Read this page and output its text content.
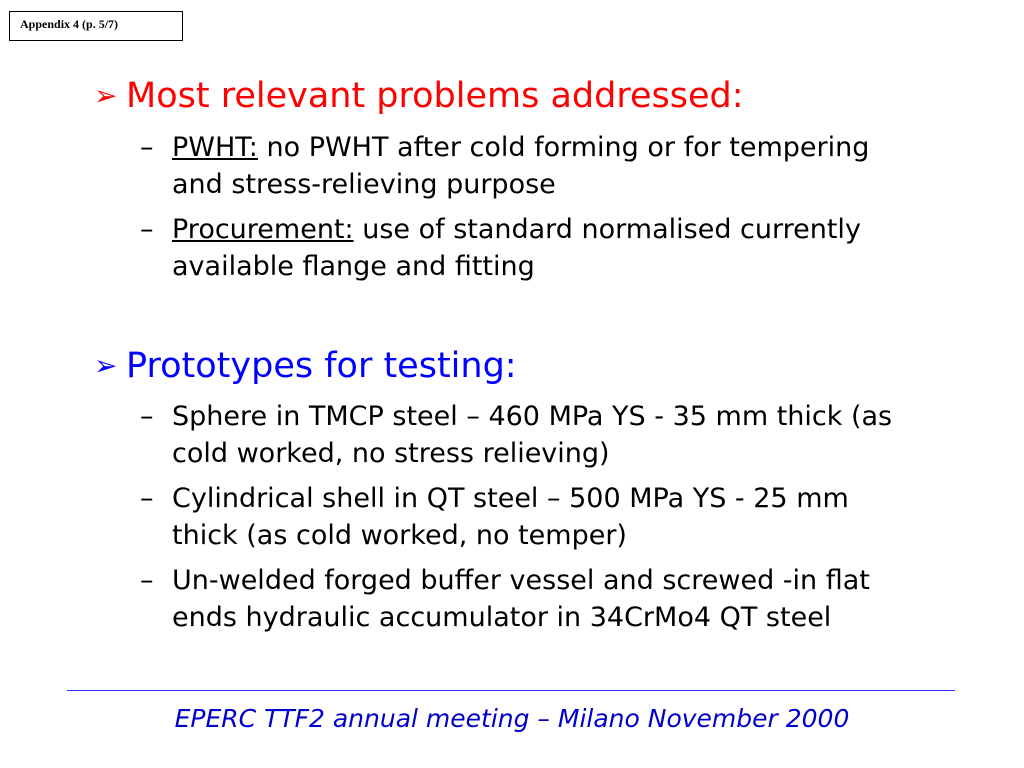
Appendix 4 (p. 5/7)
➢ Most relevant problems addressed:
– PWHT: no PWHT after cold forming or for tempering and stress-relieving purpose
– Procurement: use of standard normalised currently available flange and fitting
➢ Prototypes for testing:
– Sphere in TMCP steel – 460 MPa YS - 35 mm thick (as cold worked, no stress relieving)
– Cylindrical shell in QT steel – 500 MPa YS - 25 mm thick (as cold worked, no temper)
– Un-welded forged buffer vessel and screwed -in flat ends hydraulic accumulator in 34CrMo4 QT steel
EPERC TTF2 annual meeting – Milano November 2000
